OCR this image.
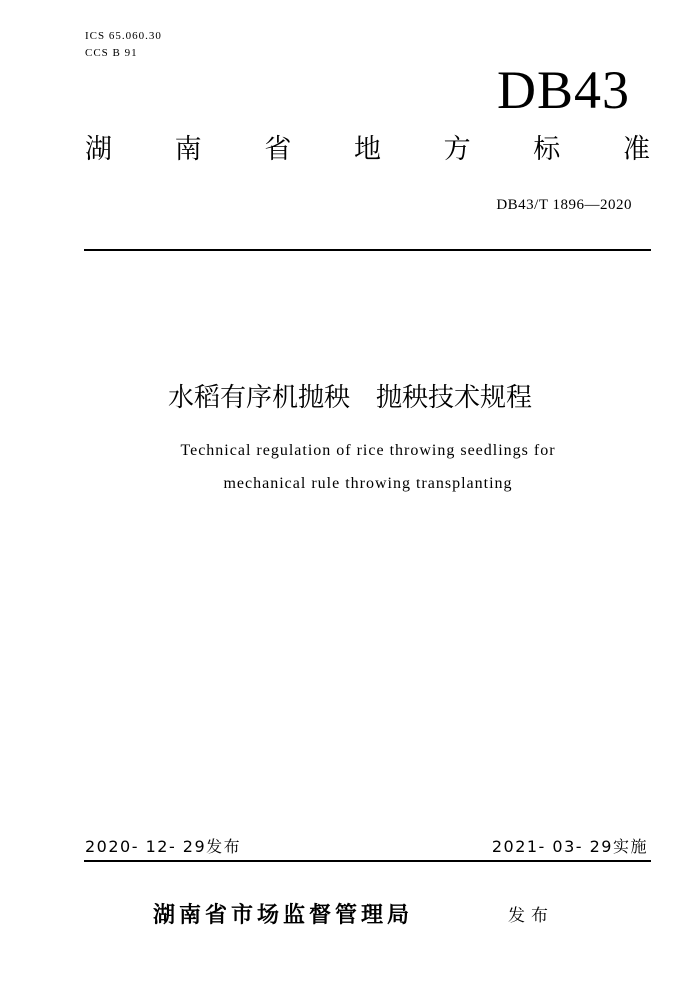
ICS 65.060.30
CCS B 91
DB43
湖 南 省 地 方 标 准
DB43/T 1896—2020
水稻有序机抛秧　抛秧技术规程
Technical regulation of rice throwing seedlings for
mechanical rule throwing transplanting
2020- 12- 29发布	2021- 03- 29实施
湖南省市场监督管理局	发布
